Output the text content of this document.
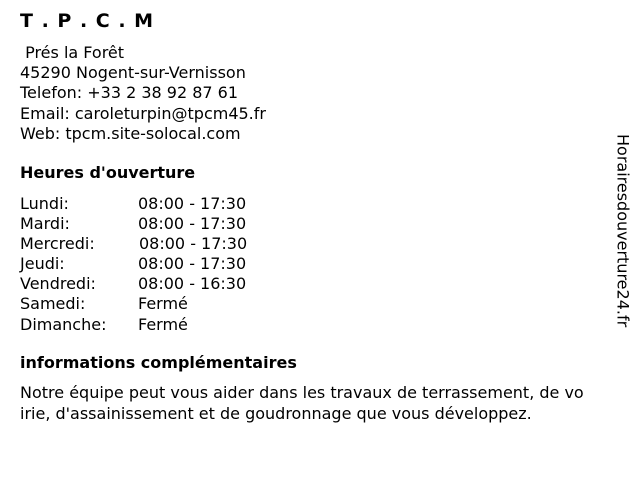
T . P . C . M
Prés la Forêt
45290 Nogent-sur-Vernisson
Telefon: +33 2 38 92 87 61
Email: caroleturpin@tpcm45.fr
Web: tpcm.site-solocal.com
Heures d'ouverture
Lundi:	08:00 - 17:30
Mardi:	08:00 - 17:30
Mercredi:	08:00 - 17:30
Jeudi:	08:00 - 17:30
Vendredi:	08:00 - 16:30
Samedi:	Fermé
Dimanche: Fermé
informations complémentaires
Notre équipe peut vous aider dans les travaux de terrassement, de vo
irie, d'assainissement et de goudronnage que vous développez.
Horairesdouverture24.fr
